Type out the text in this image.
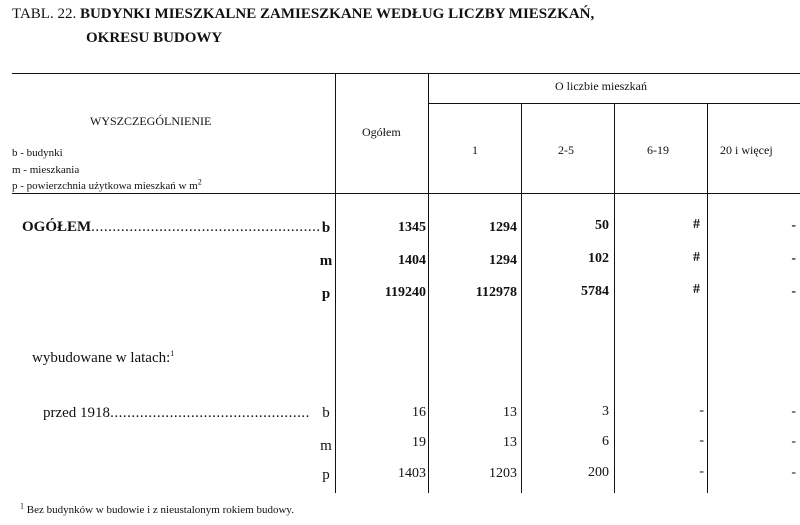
TABL. 22. BUDYNKI MIESZKALNE ZAMIESZKANE WEDŁUG LICZBY MIESZKAŃ,
OKRESU BUDOWY
WYSZCZEGÓLNIENIE
b - budynki
m - mieszkania
p - powierzchnia użytkowa mieszkań w $m^2$
Ogółem
O liczbie mieszkań
1	2-5	6-19	20 i więcej
OGÓŁEM...................................................... b	1345	1294	50	#	-
m	1404	1294	102	#	-
p	119240	112978	5784	#	-
wybudowane w latach:$^1$
przed 1918............................................... b	16	13	3	-	-
m	19	13	6	-	-
p	1403	1203	200	-	-
$^1$ Bez budynków w budowie i z nieustalonym rokiem budowy.
